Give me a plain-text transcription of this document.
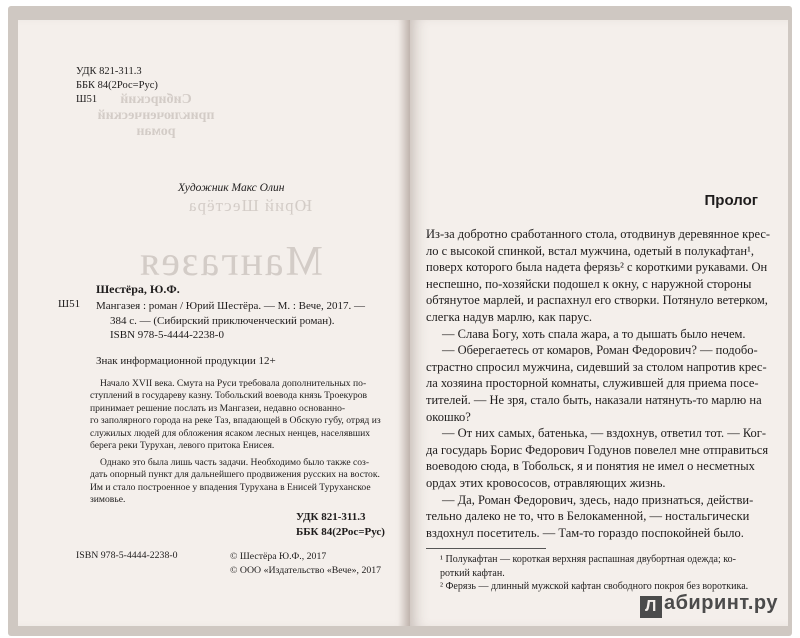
Сибирский
приключенческий
роман
Юрий Шестёра
Мангазея
УДК 821-311.3
ББК 84(2Рос=Рус)
Ш51
Художник Макс Олин
Ш51
Шестёра, Ю.Ф.
Мангазея : роман / Юрий Шестёра. — М. : Вече, 2017. —
384 с. — (Сибирский приключенческий роман).
ISBN 978-5-4444-2238-0
Знак информационной продукции 12+
Начало XVII века. Смута на Руси требовала дополнительных по-
ступлений в государеву казну. Тобольский воевода князь Троекуров
принимает решение послать из Мангазеи, недавно основанно-
го заполярного города на реке Таз, впадающей в Обскую губу, отряд из
служилых людей для обложения ясаком лесных ненцев, населявших
берега реки Турухан, левого притока Енисея.
Однако это была лишь часть задачи. Необходимо было также соз-
дать опорный пункт для дальнейшего продвижения русских на восток.
Им и стало построенное у впадения Турухана в Енисей Туруханское
зимовье.
УДК 821-311.3
ББК 84(2Рос=Рус)
ISBN 978-5-4444-2238-0	© Шестёра Ю.Ф., 2017
© ООО «Издательство «Вече», 2017
Пролог
Из-за добротно сработанного стола, отодвинув деревянное крес-
ло с высокой спинкой, встал мужчина, одетый в полукафтан¹,
поверх которого была надета ферязь² с короткими рукавами. Он
неспешно, по-хозяйски подошел к окну, с наружной стороны
обтянутое марлей, и распахнул его створки. Потянуло ветерком,
слегка надув марлю, как парус.
— Слава Богу, хоть спала жара, а то дышать было нечем.
— Оберегаетесь от комаров, Роман Федорович? — подобо-
страстно спросил мужчина, сидевший за столом напротив крес-
ла хозяина просторной комнаты, служившей для приема посе-
тителей. — Не зря, стало быть, наказали натянуть-то марлю на
окошко?
— От них самых, батенька, — вздохнув, ответил тот. — Ког-
да государь Борис Федорович Годунов повелел мне отправиться
воеводою сюда, в Тобольск, я и понятия не имел о несметных
ордах этих кровососов, отравляющих жизнь.
— Да, Роман Федорович, здесь, надо признаться, действи-
тельно далеко не то, что в Белокаменной, — ностальгически
вздохнул посетитель. — Там-то гораздо поспокойней было.
¹ Полукафтан — короткая верхняя распашная двубортная одежда; ко-
роткий кафтан.
² Ферязь — длинный мужской кафтан свободного покроя без вороткика.
Л абиринт.ру
